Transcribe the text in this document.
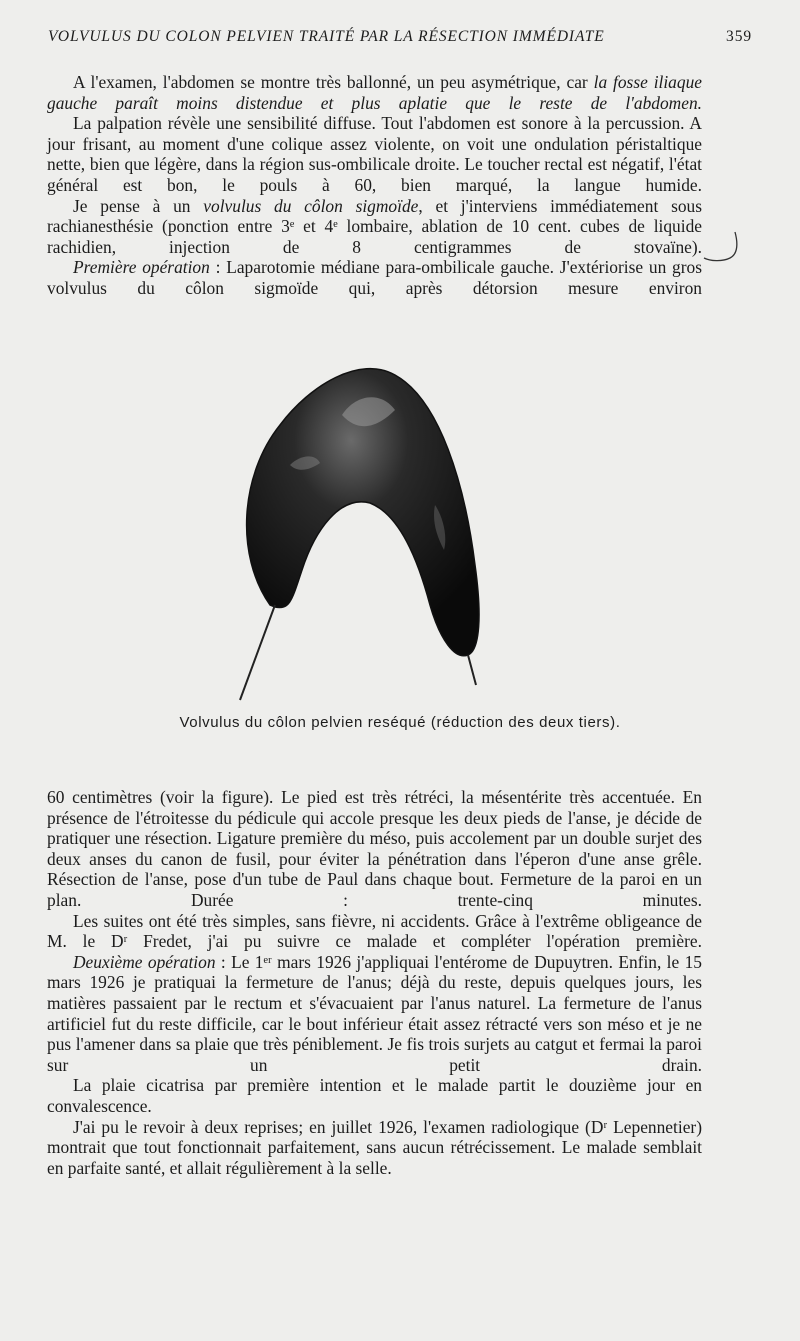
VOLVULUS DU COLON PELVIEN TRAITÉ PAR LA RÉSECTION IMMÉDIATE	359

A l'examen, l'abdomen se montre très ballonné, un peu asymétrique, car la fosse iliaque gauche paraît moins distendue et plus aplatie que le reste de l'abdomen.

La palpation révèle une sensibilité diffuse. Tout l'abdomen est sonore à la percussion. A jour frisant, au moment d'une colique assez violente, on voit une ondulation péristaltique nette, bien que légère, dans la région sus-ombilicale droite. Le toucher rectal est négatif, l'état général est bon, le pouls à 60, bien marqué, la langue humide.

Je pense à un volvulus du côlon sigmoïde, et j'interviens immédiatement sous rachianesthésie (ponction entre 3ᵉ et 4ᵉ lombaire, ablation de 10 cent. cubes de liquide rachidien, injection de 8 centigrammes de stovaïne).

Première opération : Laparotomie médiane para-ombilicale gauche. J'extériorise un gros volvulus du côlon sigmoïde qui, après détorsion mesure environ

Volvulus du côlon pelvien reséqué (réduction des deux tiers).

60 centimètres (voir la figure). Le pied est très rétréci, la mésentérite très accentuée. En présence de l'étroitesse du pédicule qui accole presque les deux pieds de l'anse, je décide de pratiquer une résection. Ligature première du méso, puis accolement par un double surjet des deux anses du canon de fusil, pour éviter la pénétration dans l'éperon d'une anse grêle. Résection de l'anse, pose d'un tube de Paul dans chaque bout. Fermeture de la paroi en un plan. Durée : trente-cinq minutes.

Les suites ont été très simples, sans fièvre, ni accidents. Grâce à l'extrême obligeance de M. le Dʳ Fredet, j'ai pu suivre ce malade et compléter l'opération première.

Deuxième opération : Le 1ᵉʳ mars 1926 j'appliquai l'entérome de Dupuytren. Enfin, le 15 mars 1926 je pratiquai la fermeture de l'anus; déjà du reste, depuis quelques jours, les matières passaient par le rectum et s'évacuaient par l'anus naturel. La fermeture de l'anus artificiel fut du reste difficile, car le bout inférieur était assez rétracté vers son méso et je ne pus l'amener dans sa plaie que très péniblement. Je fis trois surjets au catgut et fermai la paroi sur un petit drain.

La plaie cicatrisa par première intention et le malade partit le douzième jour en convalescence.

J'ai pu le revoir à deux reprises; en juillet 1926, l'examen radiologique (Dʳ Lepennetier) montrait que tout fonctionnait parfaitement, sans aucun rétrécissement. Le malade semblait en parfaite santé, et allait régulièrement à la selle.
